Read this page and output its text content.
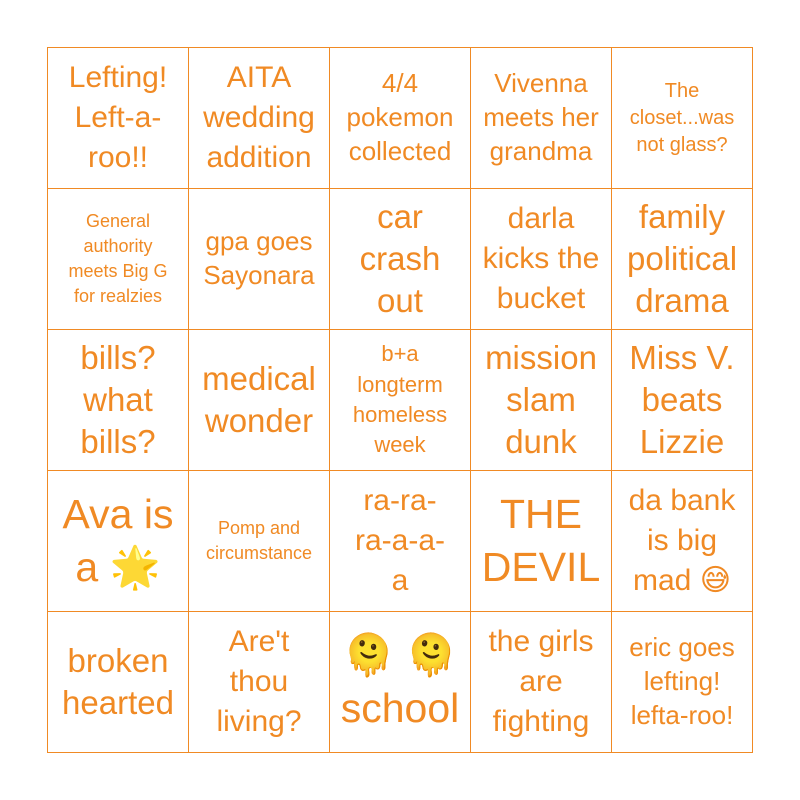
Lefting!
Left-a-
roo!!
AITA
wedding
addition
4/4
pokemon
collected
Vivenna
meets her
grandma
The
closet...was
not glass?
General
authority
meets Big G
for realzies
gpa goes
Sayonara
car
crash
out
darla
kicks the
bucket
family
political
drama
bills?
what
bills?
medical
wonder
b+a
longterm
homeless
week
mission
slam
dunk
Miss V.
beats
Lizzie
Ava is
a 🌟
Pomp and
circumstance
ra-ra-
ra-a-a-
a
THE
DEVIL
da bank
is big
mad 😅
broken
hearted
Are't
thou
living?
🫠 🫠
school
the girls
are
fighting
eric goes
lefting!
lefta-roo!
